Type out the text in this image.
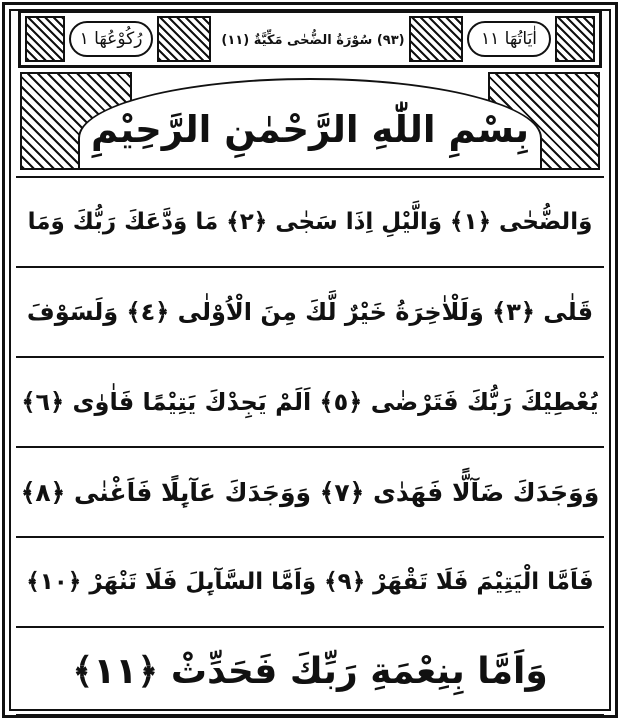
اٰیَاتُھَا ١١
رُکُوْعُھَا ١	(٩٣) سُوْرَةُ الضُّحٰى مَكِّيَّةٌ (١١)
بِسْمِ اللّٰهِ الرَّحْمٰنِ الرَّحِيْمِ
وَالضُّحٰى ﴿١﴾ وَالَّیْلِ اِذَا سَجٰى ﴿٢﴾ مَا وَدَّعَكَ رَبُّكَ وَمَا
قَلٰى ﴿٣﴾ وَلَلْاٰخِرَةُ خَیْرٌ لَّكَ مِنَ الْاُوْلٰى ﴿٤﴾ وَلَسَوْفَ
یُعْطِیْكَ رَبُّكَ فَتَرْضٰى ﴿٥﴾ اَلَمْ یَجِدْكَ یَتِیْمًا فَاٰوٰى ﴿٦﴾
وَوَجَدَكَ ضَآلًّا فَهَدٰى ﴿٧﴾ وَوَجَدَكَ عَآىِٕلًا فَاَغْنٰى ﴿٨﴾
فَاَمَّا الْیَتِیْمَ فَلَا تَقْهَرْ ﴿٩﴾ وَاَمَّا السَّآىِٕلَ فَلَا تَنْهَرْ ﴿١٠﴾
وَاَمَّا بِنِعْمَةِ رَبِّكَ فَحَدِّثْ ﴿١١﴾
